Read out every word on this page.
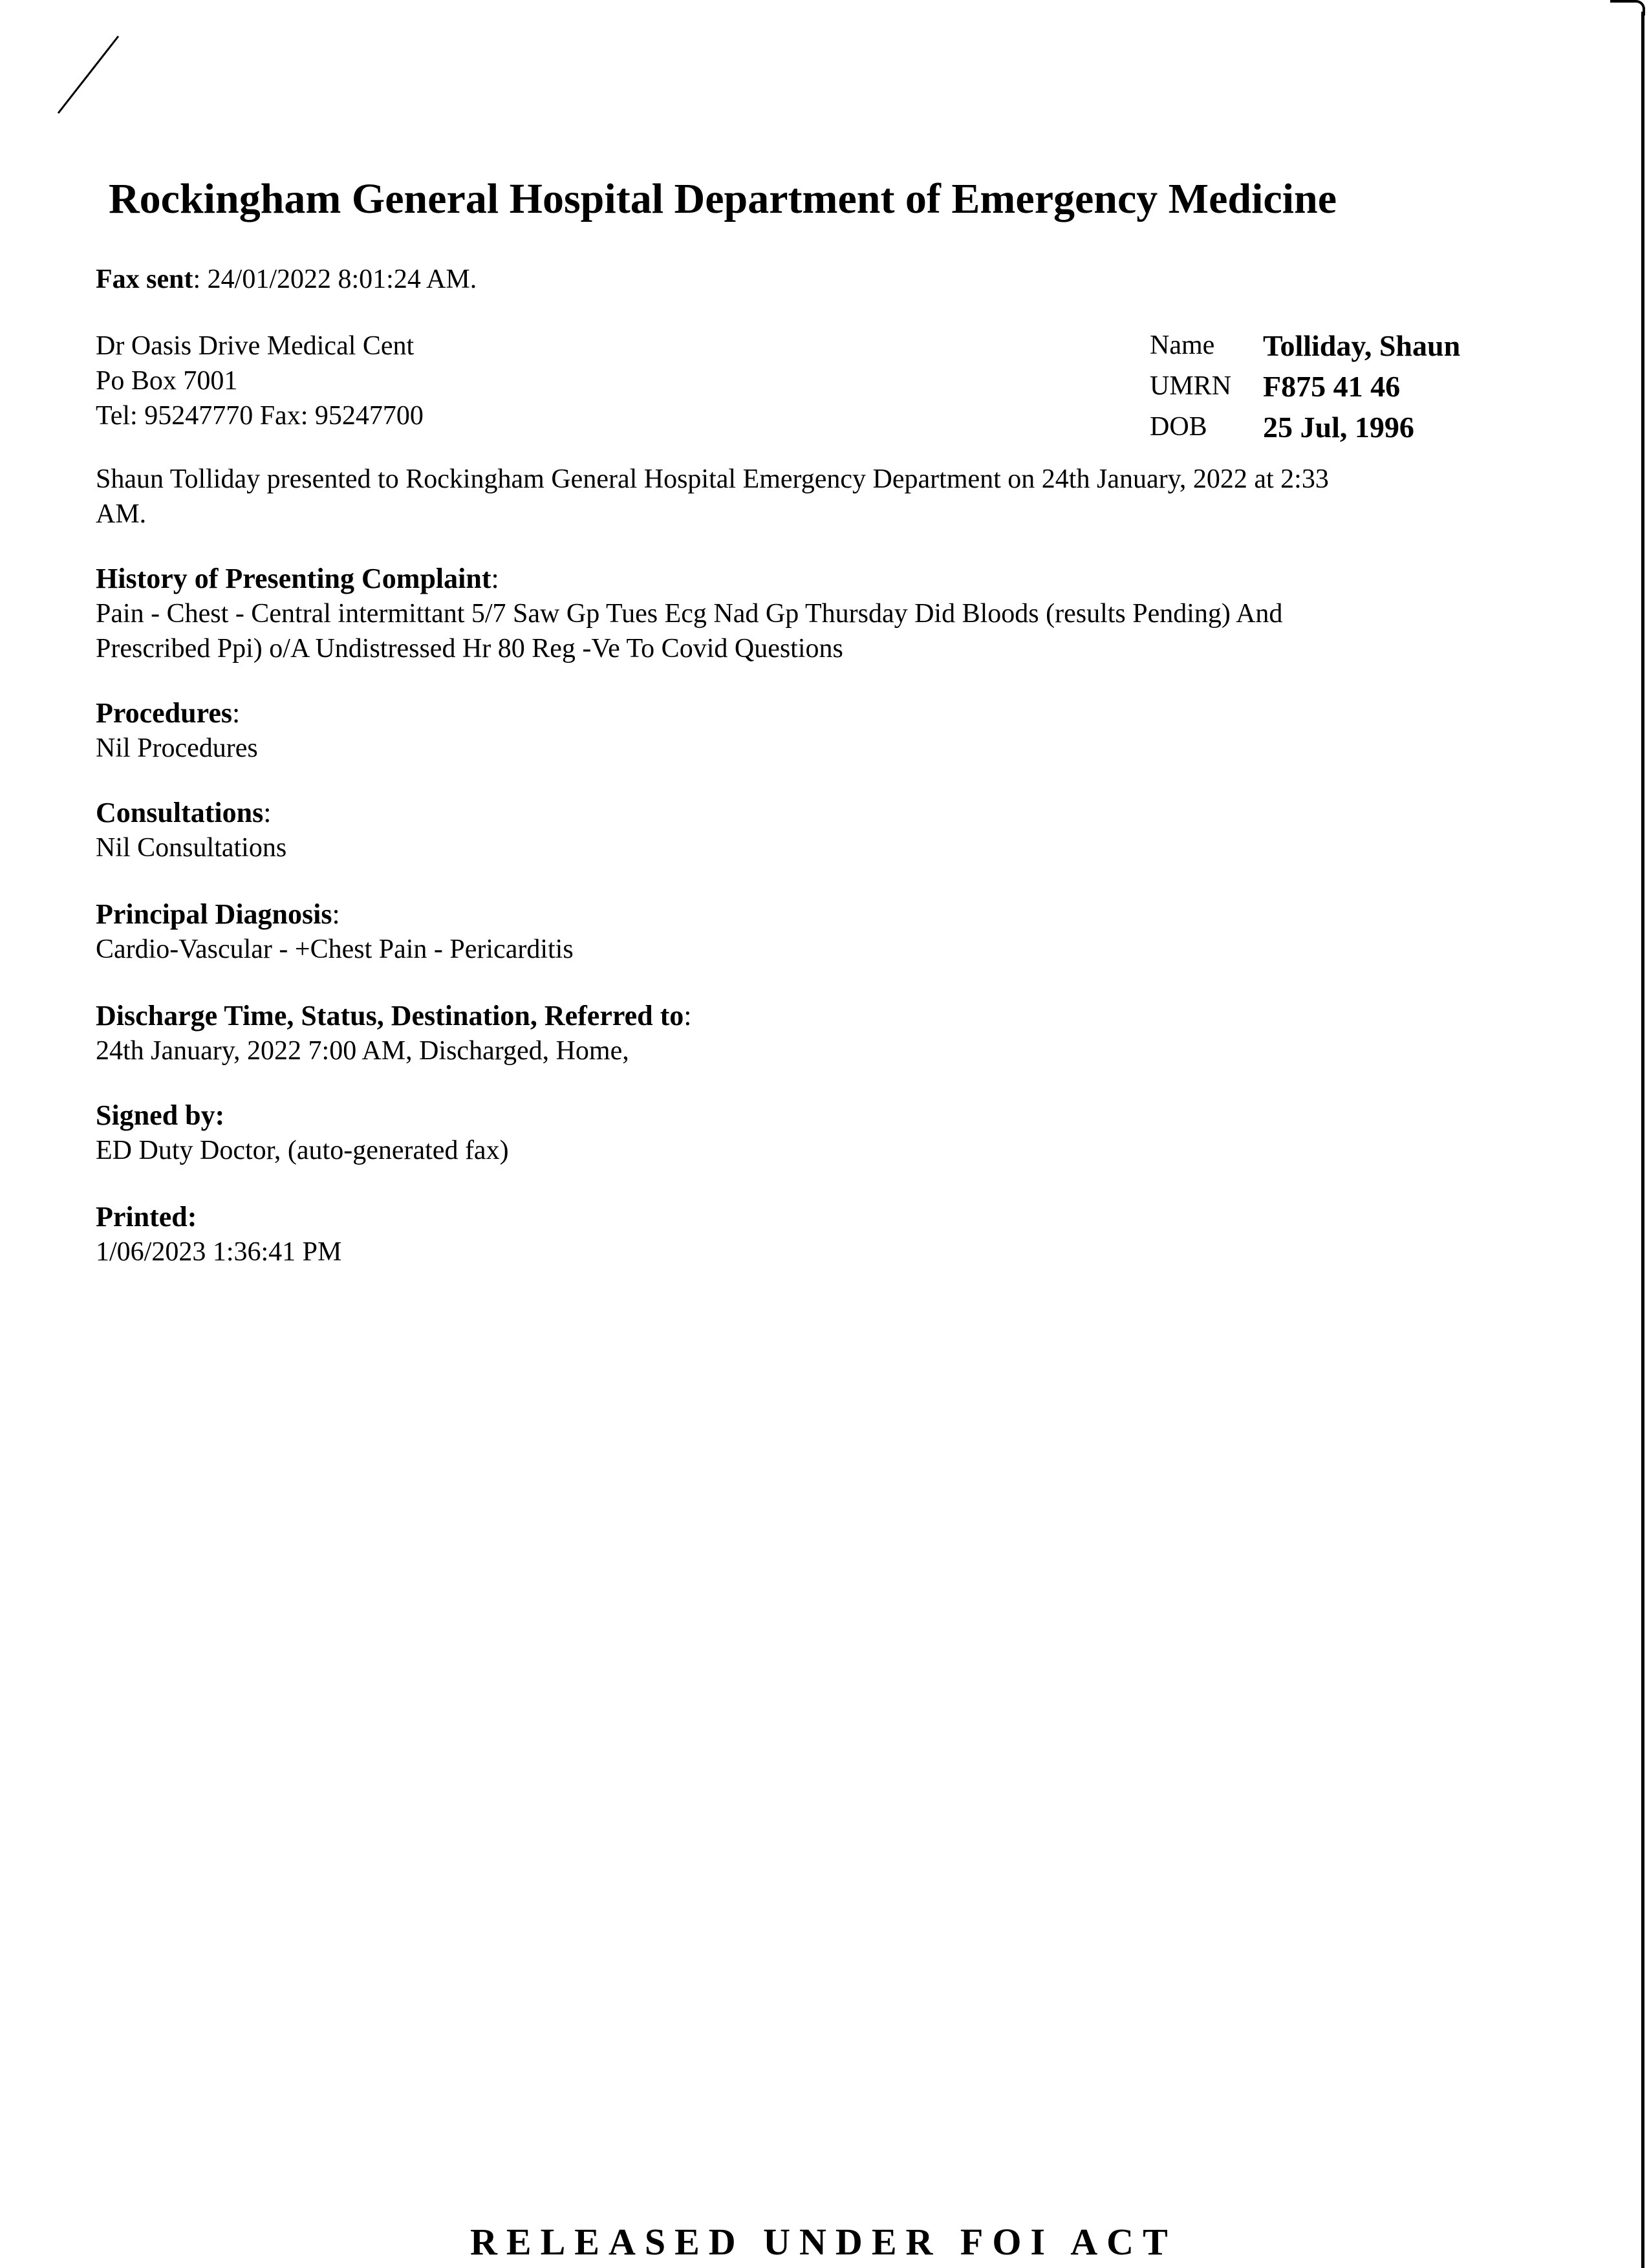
Rockingham General Hospital Department of Emergency Medicine
Fax sent: 24/01/2022 8:01:24 AM.
Dr Oasis Drive Medical Cent
Po Box 7001
Tel: 95247770 Fax: 95247700
Name Tolliday, Shaun
UMRN F875 41 46
DOB 25 Jul, 1996
Shaun Tolliday presented to Rockingham General Hospital Emergency Department on 24th January, 2022 at 2:33
AM.
History of Presenting Complaint:
Pain - Chest - Central intermittant 5/7 Saw Gp Tues Ecg Nad Gp Thursday Did Bloods (results Pending) And
Prescribed Ppi) o/A Undistressed Hr 80 Reg -Ve To Covid Questions
Procedures:
Nil Procedures
Consultations:
Nil Consultations
Principal Diagnosis:
Cardio-Vascular - +Chest Pain - Pericarditis
Discharge Time, Status, Destination, Referred to:
24th January, 2022 7:00 AM, Discharged, Home,
Signed by:
ED Duty Doctor, (auto-generated fax)
Printed:
1/06/2023 1:36:41 PM
RELEASED UNDER FOI ACT
